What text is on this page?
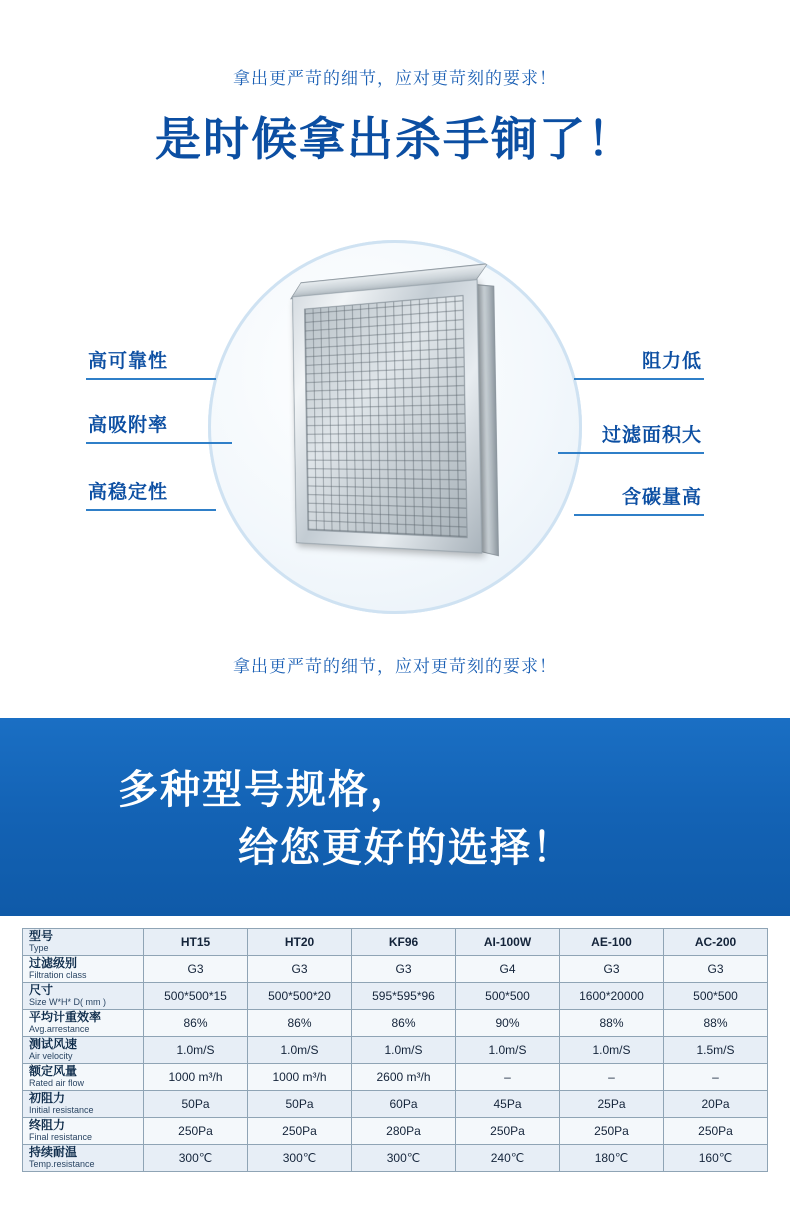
拿出更严苛的细节，应对更苛刻的要求！
是时候拿出杀手锏了！
高可靠性
高吸附率
高稳定性
阻力低
过滤面积大
含碳量高
拿出更严苛的细节，应对更苛刻的要求！
多种型号规格，
给您更好的选择！
型号
Type	HT15	HT20	KF96	AI-100W	AE-100	AC-200

过滤级别
Filtration class	G3	G3	G3	G4	G3	G3

尺寸
Size W*H* D( mm )	500*500*15	500*500*20	595*595*96	500*500	1600*20000	500*500

平均计重效率
Avg.arrestance	86%	86%	86%	90%	88%	88%

测试风速
Air velocity	1.0m/S	1.0m/S	1.0m/S	1.0m/S	1.0m/S	1.5m/S

额定风量
Rated air flow	1000 m³/h	1000 m³/h	2600 m³/h	–	–	–

初阻力
Initial resistance	50Pa	50Pa	60Pa	45Pa	25Pa	20Pa

终阻力
Final resistance	250Pa	250Pa	280Pa	250Pa	250Pa	250Pa

持续耐温
Temp.resistance	300℃	300℃	300℃	240℃	180℃	160℃
